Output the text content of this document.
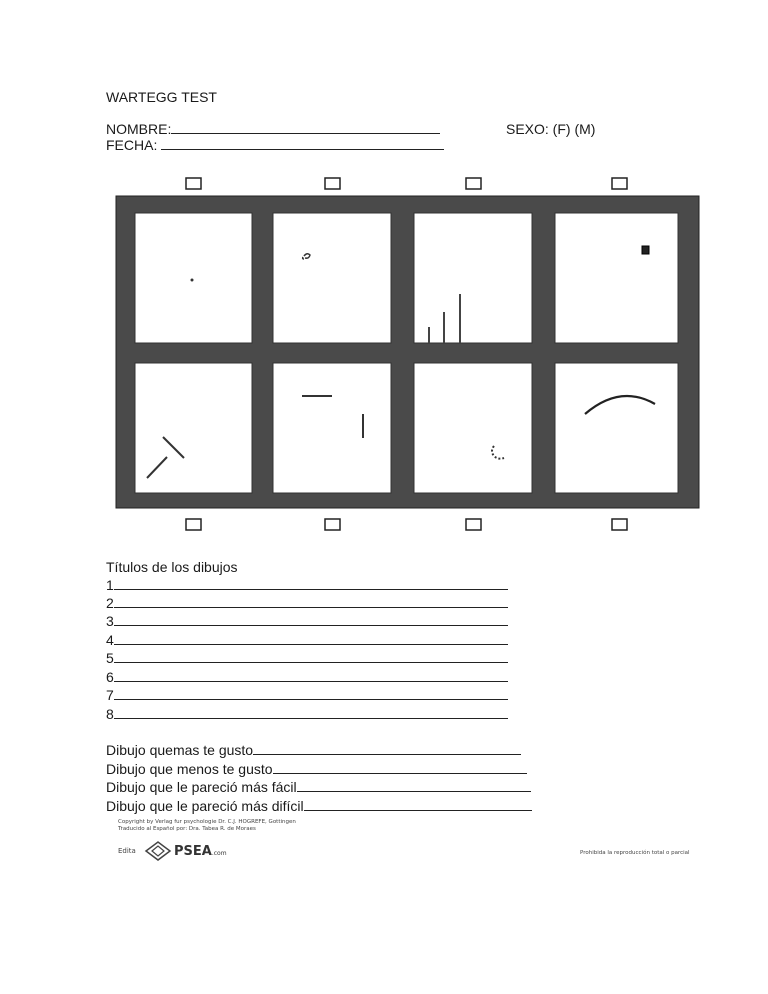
WARTEGG TEST
NOMBRE:	SEXO: (F) (M)
FECHA:
Títulos de los dibujos
1
2
3
4
5
6
7
8
Dibujo quemas te gusto
Dibujo que menos te gusto
Dibujo que le pareció más fácil
Dibujo que le pareció más difícil
Copyright by Verlag fur psychologie Dr. C.J. HOGREFE, Gottingen
Traducido al Español por: Dra. Tabea R. de Moraes
Edita	PSEA.com	Prohibida la reproducción total o parcial
